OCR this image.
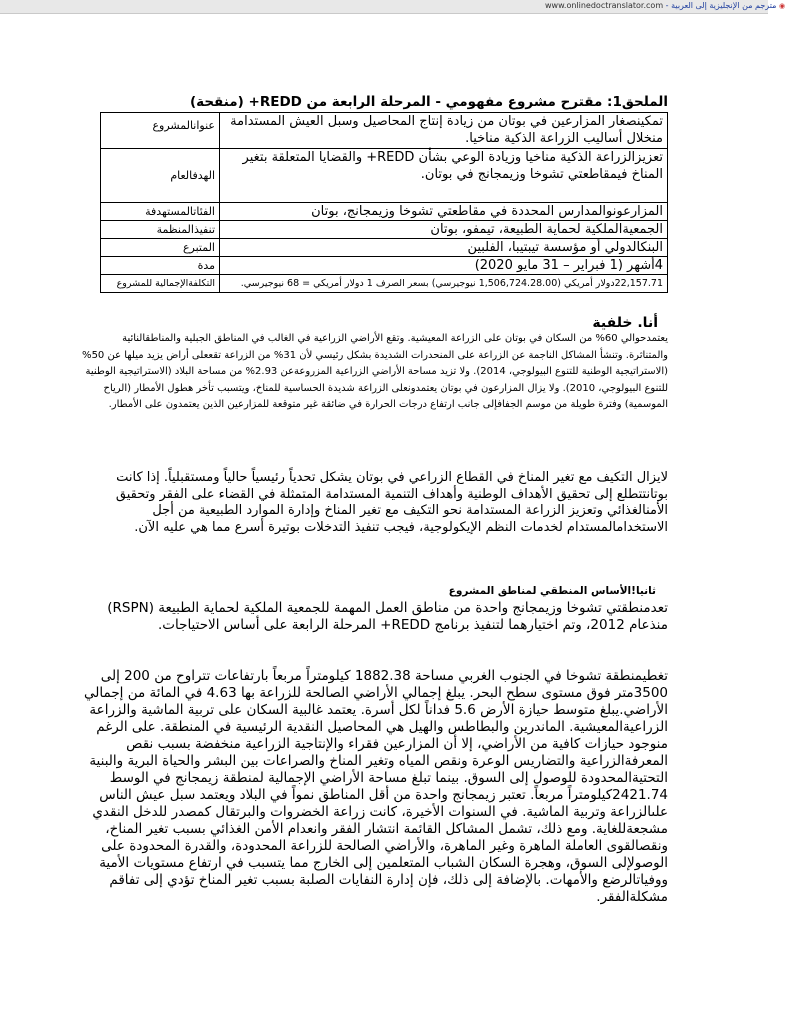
www.onlinedoctranslator.com - مترجم من الإنجليزية إلى العربية ◉
الملحق1: مقترح مشروع مفهومي - المرحلة الرابعة من REDD+ (منقحة)
تمكينصغار المزارعين في بوتان من زيادة إنتاج المحاصيل وسبل العيش المستدامة منخلال أساليب الزراعة الذكية مناخيا.	عنوانالمشروع
تعزيزالزراعة الذكية مناخيا وزيادة الوعي بشأن REDD+ والقضايا المتعلقة بتغير المناخ فيمقاطعتي تشوخا وزيمجانج في بوتان.	الهدفالعام
المزارعونوالمدارس المحددة في مقاطعتي تشوخا وزيمجانج، بوتان	الفئاتالمستهدفة
الجمعيةالملكية لحماية الطبيعة، تيمفو، بوتان	تنفيذالمنظمة
البنكالدولي أو مؤسسة تيبتيبا، الفلبين	المتبرع
4أشهر (1 فبراير – 31 مايو 2020)	مدة
22,157.71دولار أمريكي (1,506,724.28.00 نيوجيرسي) بسعر الصرف 1 دولار أمريكي = 68 نيوجيرسي.	التكلفةالإجمالية للمشروع
أنا. خلفية
يعتمدحوالي 60% من السكان في بوتان على الزراعة المعيشية. وتقع الأراضي الزراعية في الغالب في المناطق الجبلية والمناطقالنائية والمتناثرة. وتنشأ المشاكل الناجمة عن الزراعة على المنحدرات الشديدة بشكل رئيسي لأن 31% من الزراعة تقععلى أراض يزيد ميلها عن 50% (الاستراتيجية الوطنية للتنوع البيولوجي، 2014). ولا تزيد مساحة الأراضي الزراعية المزروعةعن 2.93% من مساحة البلاد (الاستراتيجية الوطنية للتنوع البيولوجي، 2010). ولا يزال المزارعون في بوتان يعتمدونعلى الزراعة شديدة الحساسية للمناخ، ويتسبب تأخر هطول الأمطار (الرياح الموسمية) وفترة طويلة من موسم الجفافإلى جانب ارتفاع درجات الحرارة في ضائقة غير متوقعة للمزارعين الذين يعتمدون على الأمطار.
لايزال التكيف مع تغير المناخ في القطاع الزراعي في بوتان يشكل تحدياً رئيسياً حالياً ومستقبلياً. إذا كانت بوتانتتطلع إلى تحقيق الأهداف الوطنية وأهداف التنمية المستدامة المتمثلة في القضاء على الفقر وتحقيق الأمنالغذائي وتعزيز الزراعة المستدامة نحو التكيف مع تغير المناخ وإدارة الموارد الطبيعية من أجل الاستخدامالمستدام لخدمات النظم الإيكولوجية، فيجب تنفيذ التدخلات بوتيرة أسرع مما هي عليه الآن.
ثانيا!الأساس المنطقي لمناطق المشروع
تعدمنطقتي تشوخا وزيمجانج واحدة من مناطق العمل المهمة للجمعية الملكية لحماية الطبيعة (RSPN) منذعام 2012، وتم اختيارهما لتنفيذ برنامج REDD+ المرحلة الرابعة على أساس الاحتياجات.
تغطيمنطقة تشوخا في الجنوب الغربي مساحة 1882.38 كيلومتراً مربعاً بارتفاعات تتراوح من 200 إلى 3500متر فوق مستوى سطح البحر. يبلغ إجمالي الأراضي الصالحة للزراعة بها 4.63 في المائة من إجمالي الأراضي.يبلغ متوسط حيازة الأرض 5.6 فداناً لكل أسرة. يعتمد غالبية السكان على تربية الماشية والزراعة الزراعيةالمعيشية. الماندرين والبطاطس والهيل هي المحاصيل النقدية الرئيسية في المنطقة. على الرغم منوجود حيازات كافية من الأراضي، إلا أن المزارعين فقراء والإنتاجية الزراعية منخفضة بسبب نقص المعرفةالزراعية والتضاريس الوعرة ونقص المياه وتغير المناخ والصراعات بين البشر والحياة البرية والبنية التحتيةالمحدودة للوصول إلى السوق. بينما تبلغ مساحة الأراضي الإجمالية لمنطقة زيمجانج في الوسط 2421.74كيلومتراً مربعاً. تعتبر زيمجانج واحدة من أقل المناطق نمواً في البلاد ويعتمد سبل عيش الناس علىالزراعة وتربية الماشية. في السنوات الأخيرة، كانت زراعة الخضروات والبرتقال كمصدر للدخل النقدي مشجعةللغاية. ومع ذلك، تشمل المشاكل القائمة انتشار الفقر وانعدام الأمن الغذائي بسبب تغير المناخ، ونقصالقوى العاملة الماهرة وغير الماهرة، والأراضي الصالحة للزراعة المحدودة، والقدرة المحدودة على الوصولإلى السوق، وهجرة السكان الشباب المتعلمين إلى الخارج مما يتسبب في ارتفاع مستويات الأمية ووفياتالرضع والأمهات. بالإضافة إلى ذلك، فإن إدارة النفايات الصلبة بسبب تغير المناخ تؤدي إلى تفاقم مشكلةالفقر.
